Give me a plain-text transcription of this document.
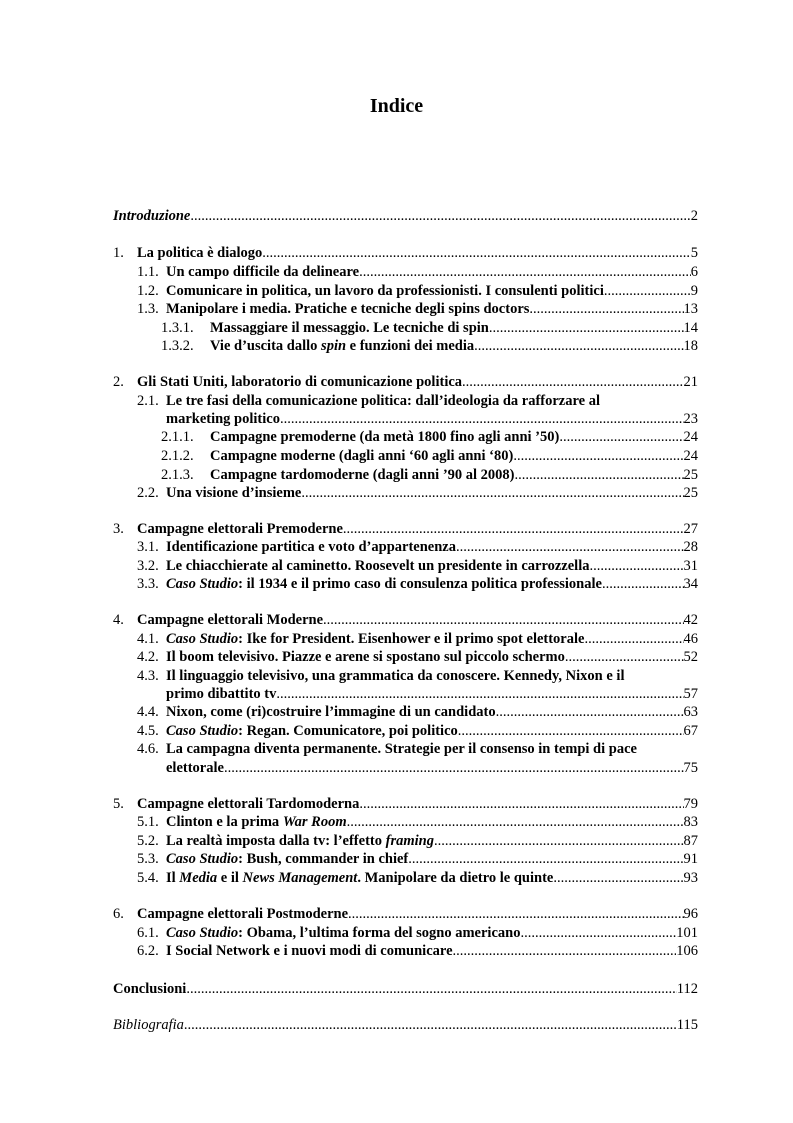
Indice
Introduzione .....	2
1. La politica è dialogo .....	5
1.1. Un campo difficile da delineare .....	6
1.2. Comunicare in politica, un lavoro da professionisti. I consulenti politici .....	9
1.3. Manipolare i media. Pratiche e tecniche degli spins doctors .....	13
1.3.1. Massaggiare il messaggio. Le tecniche di spin .....	14
1.3.2. Vie d’uscita dallo spin e funzioni dei media .....	18
2. Gli Stati Uniti, laboratorio di comunicazione politica .....	21
2.1. Le tre fasi della comunicazione politica: dall’ideologia da rafforzare al
marketing politico .....	23
2.1.1. Campagne premoderne (da metà 1800 fino agli anni ’50) .....	24
2.1.2. Campagne moderne (dagli anni ‘60 agli anni ‘80) .....	24
2.1.3. Campagne tardomoderne (dagli anni ’90 al 2008) .....	25
2.2. Una visione d’insieme .....	25
3. Campagne elettorali Premoderne .....	27
3.1. Identificazione partitica e voto d’appartenenza .....	28
3.2. Le chiacchierate al caminetto. Roosevelt un presidente in carrozzella .....	31
3.3. Caso Studio: il 1934 e il primo caso di consulenza politica professionale .....	34
4. Campagne elettorali Moderne .....	42
4.1. Caso Studio: Ike for President. Eisenhower e il primo spot elettorale .....	46
4.2. Il boom televisivo. Piazze e arene si spostano sul piccolo schermo .....	52
4.3. Il linguaggio televisivo, una grammatica da conoscere. Kennedy, Nixon e il
primo dibattito tv .....	57
4.4. Nixon, come (ri)costruire l’immagine di un candidato .....	63
4.5. Caso Studio: Regan. Comunicatore, poi politico .....	67
4.6. La campagna diventa permanente. Strategie per il consenso in tempi di pace
elettorale .....	75
5. Campagne elettorali Tardomoderna .....	79
5.1. Clinton e la prima War Room .....	83
5.2. La realtà imposta dalla tv: l’effetto framing .....	87
5.3. Caso Studio: Bush, commander in chief .....	91
5.4. Il Media e il News Management. Manipolare da dietro le quinte .....	93
6. Campagne elettorali Postmoderne .....	96
6.1. Caso Studio: Obama, l’ultima forma del sogno americano .....	101
6.2. I Social Network e i nuovi modi di comunicare .....	106
Conclusioni .....	112
Bibliografia .....	115
